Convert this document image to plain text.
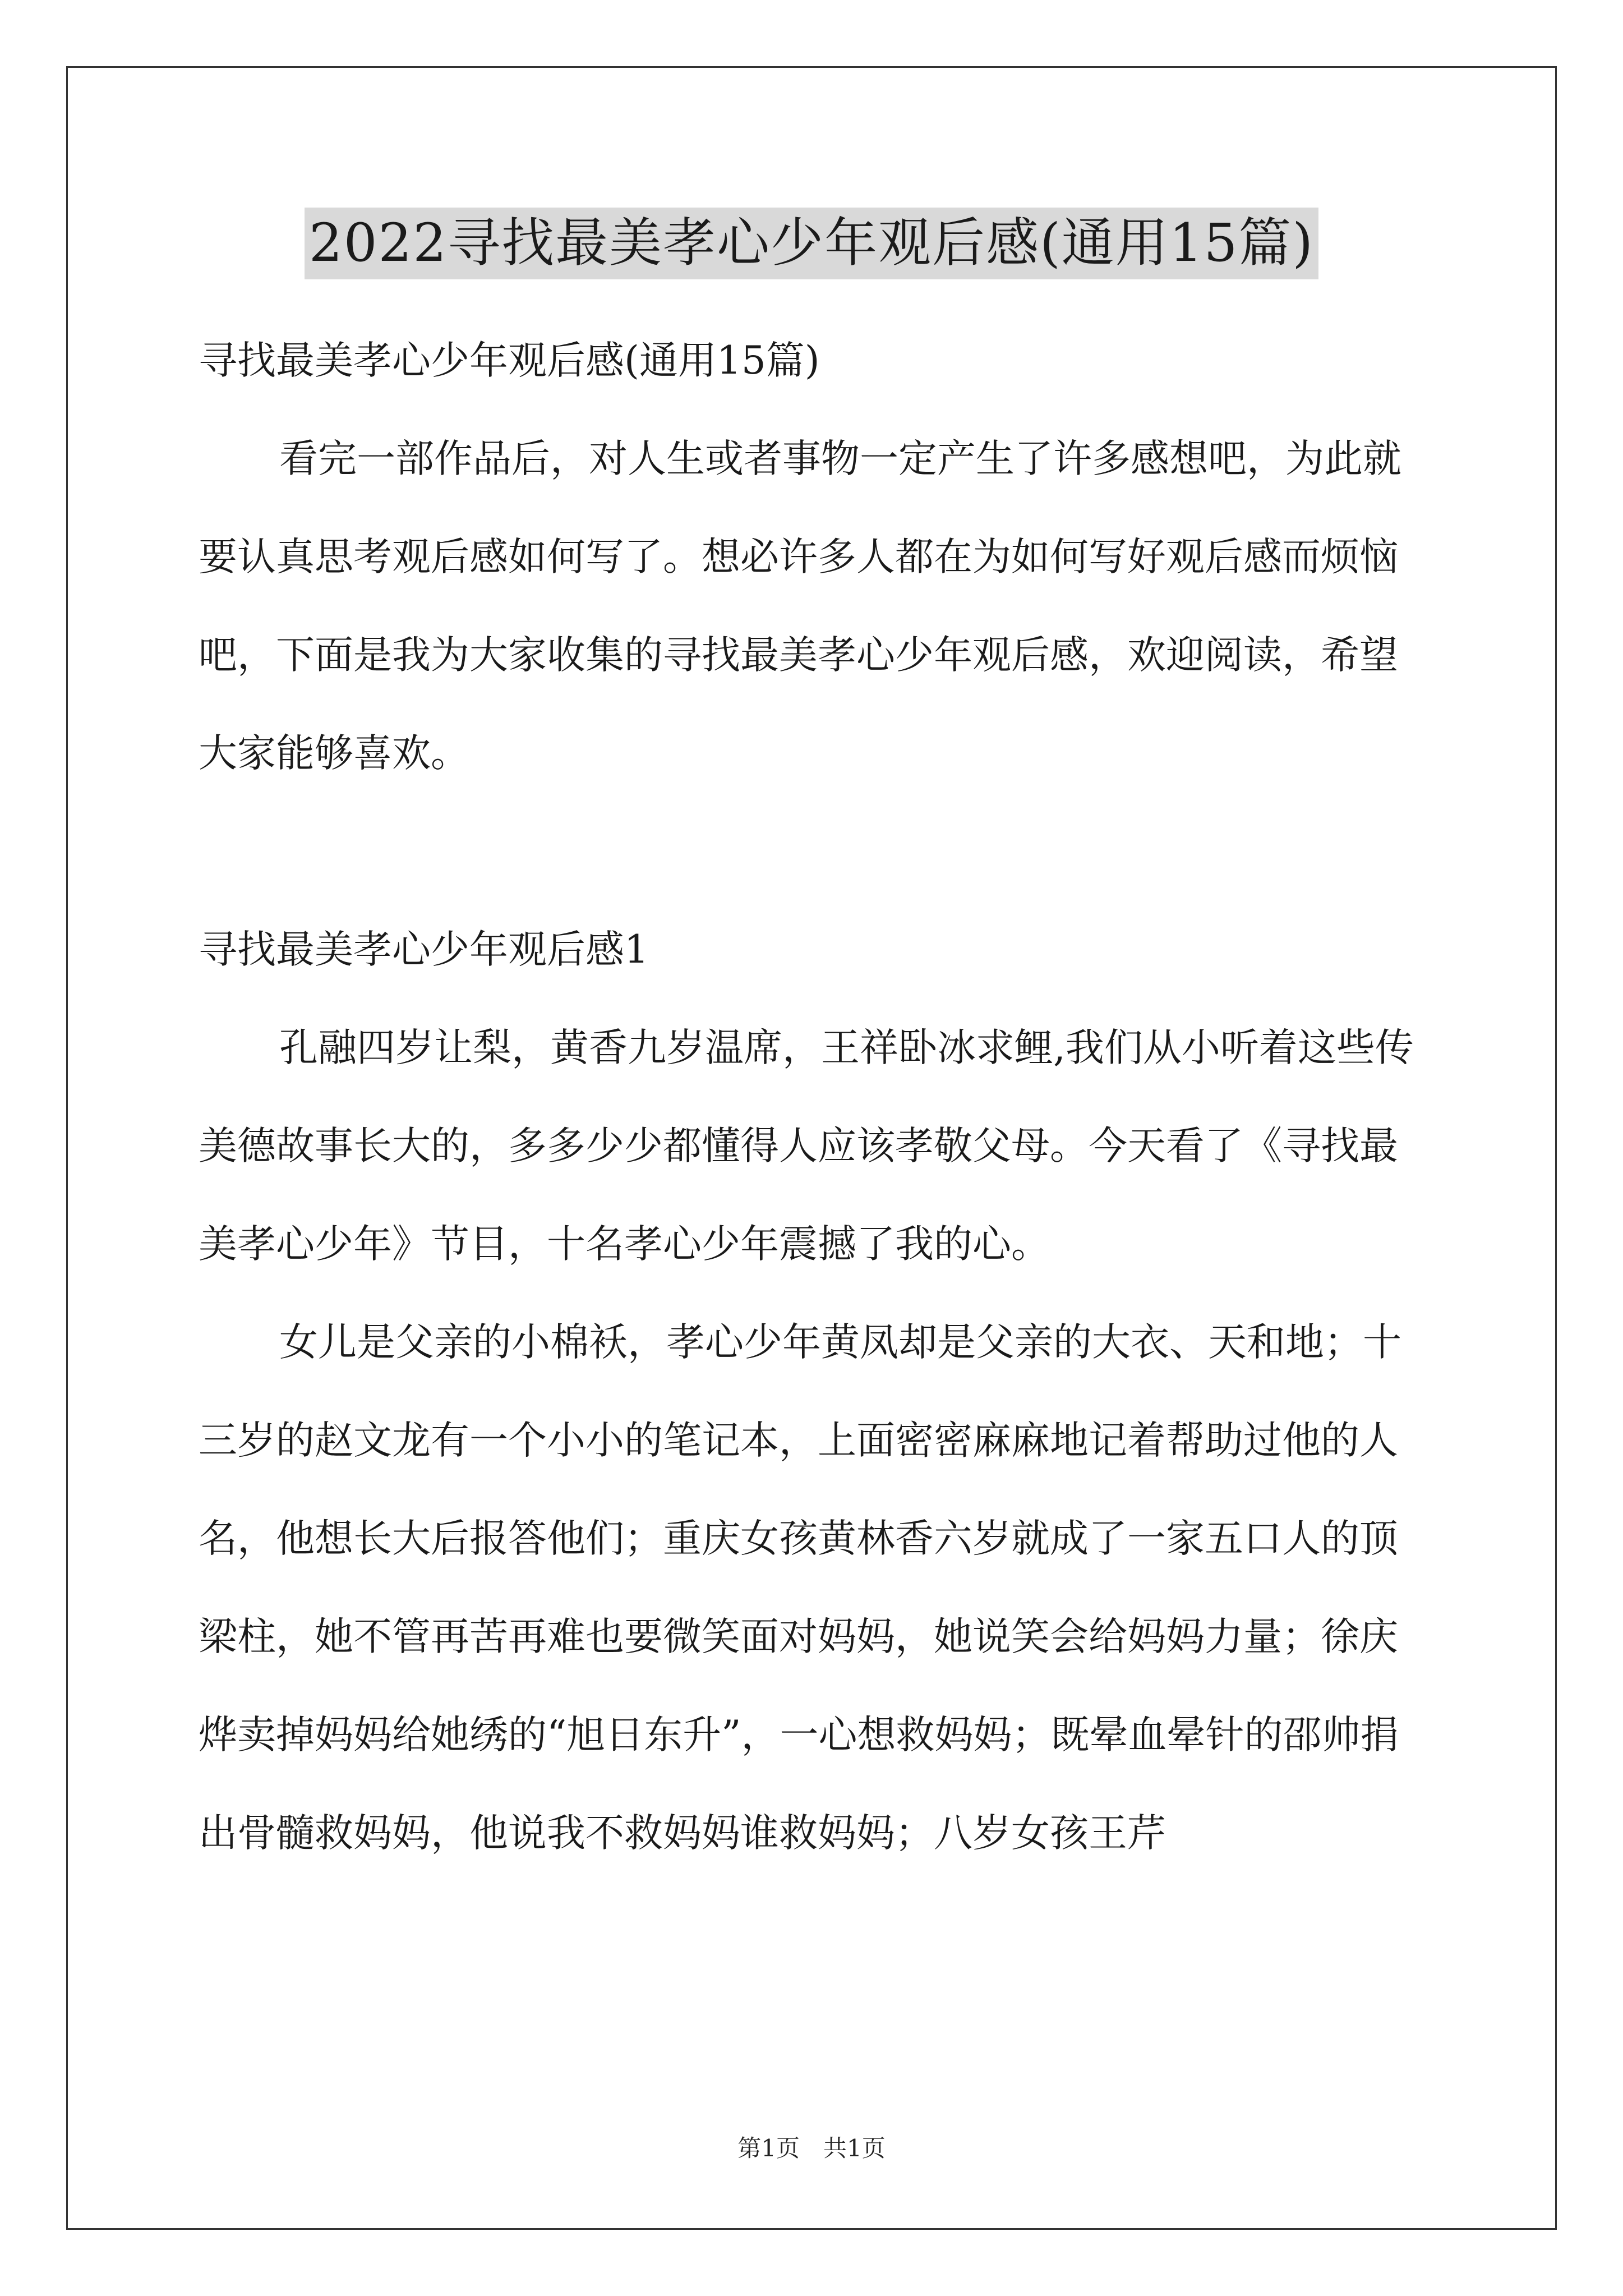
2022寻找最美孝心少年观后感(通用15篇)

寻找最美孝心少年观后感(通用15篇)

看完一部作品后，对人生或者事物一定产生了许多感想吧，为此就要认真思考观后感如何写了。想必许多人都在为如何写好观后感而烦恼吧，下面是我为大家收集的寻找最美孝心少年观后感，欢迎阅读，希望大家能够喜欢。

寻找最美孝心少年观后感1

孔融四岁让梨，黄香九岁温席，王祥卧冰求鲤,我们从小听着这些传美德故事长大的，多多少少都懂得人应该孝敬父母。今天看了《寻找最美孝心少年》节目，十名孝心少年震撼了我的心。

女儿是父亲的小棉袄，孝心少年黄凤却是父亲的大衣、天和地；十三岁的赵文龙有一个小小的笔记本，上面密密麻麻地记着帮助过他的人名，他想长大后报答他们；重庆女孩黄林香六岁就成了一家五口人的顶梁柱，她不管再苦再难也要微笑面对妈妈，她说笑会给妈妈力量；徐庆烨卖掉妈妈给她绣的“旭日东升”，一心想救妈妈；既晕血晕针的邵帅捐出骨髓救妈妈，他说我不救妈妈谁救妈妈；八岁女孩王芹

第1页　共1页
